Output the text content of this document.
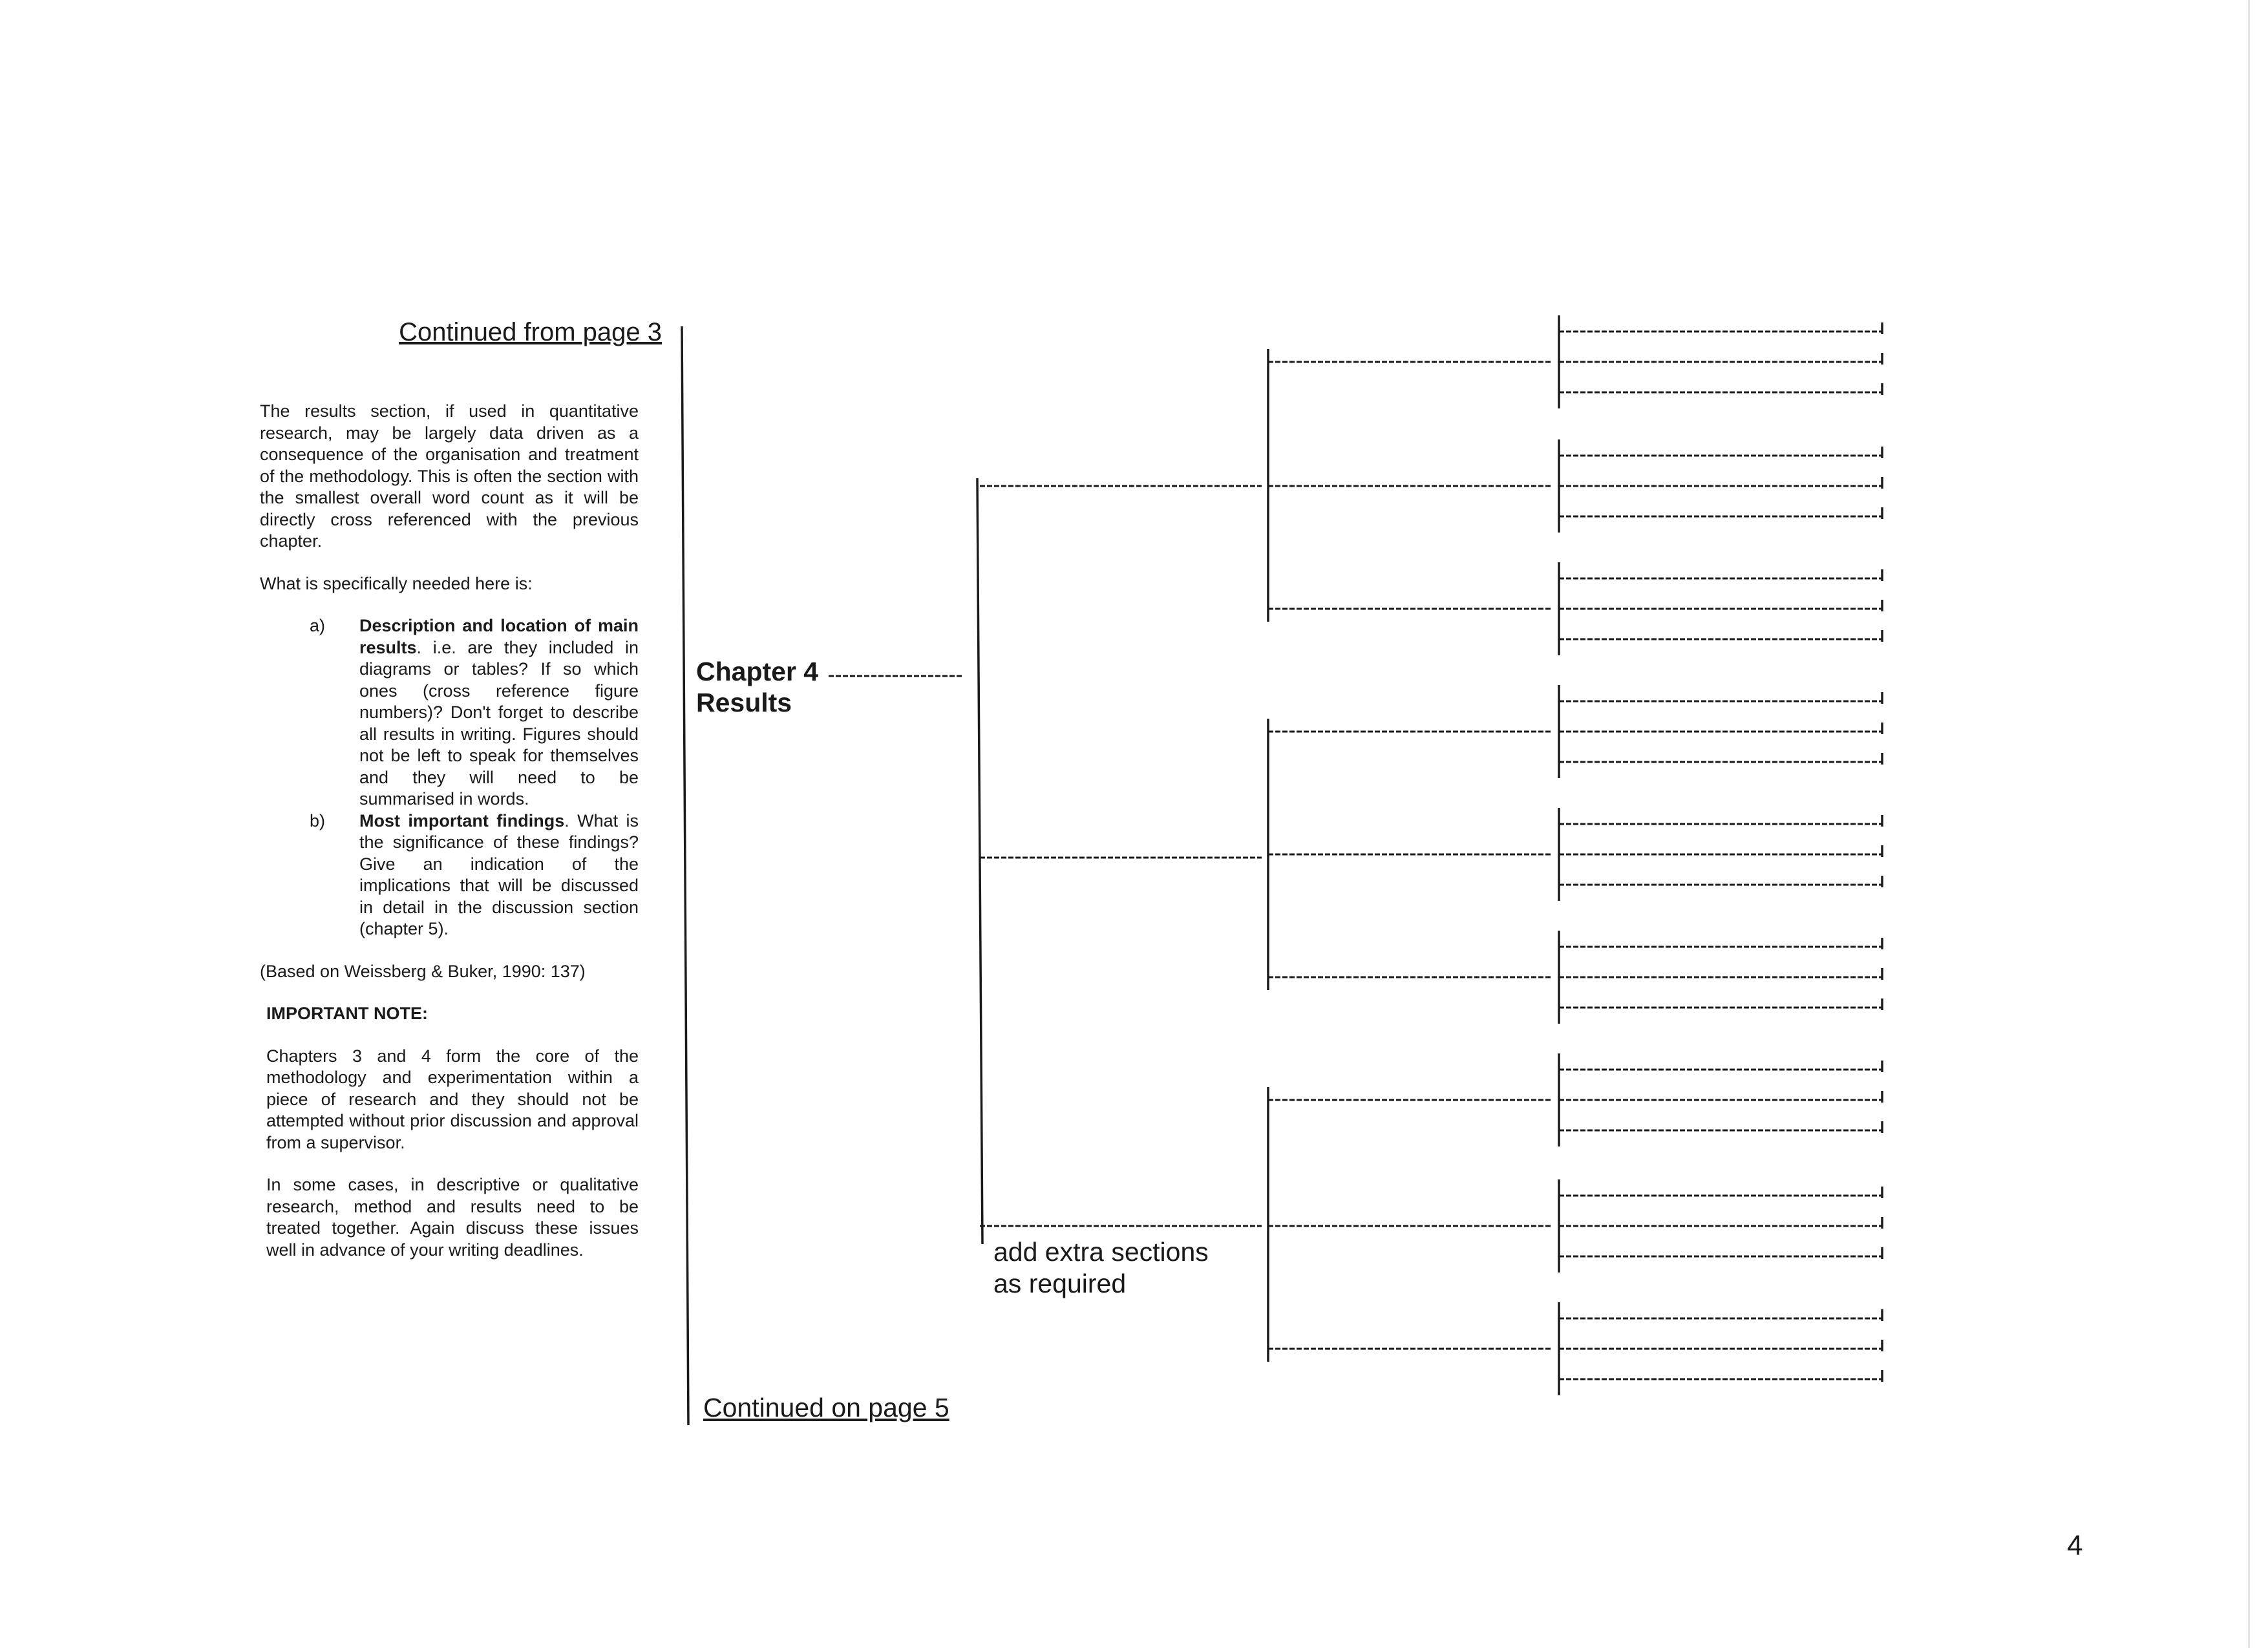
Continued from page 3

The results section, if used in quantitative research, may be largely data driven as a consequence of the organisation and treatment of the methodology. This is often the section with the smallest overall word count as it will be directly cross referenced with the previous chapter.

What is specifically needed here is:

a) Description and location of main results. i.e. are they included in diagrams or tables? If so which ones (cross reference figure numbers)? Don't forget to describe all results in writing. Figures should not be left to speak for themselves and they will need to be summarised in words.
b) Most important findings. What is the significance of these findings? Give an indication of the implications that will be discussed in detail in the discussion section (chapter 5).

(Based on Weissberg & Buker, 1990: 137)

IMPORTANT NOTE:

Chapters 3 and 4 form the core of the methodology and experimentation within a piece of research and they should not be attempted without prior discussion and approval from a supervisor.

In some cases, in descriptive or qualitative research, method and results need to be treated together. Again discuss these issues well in advance of your writing deadlines.

Chapter 4
Results
add extra sections
as required
Continued on page 5
4
